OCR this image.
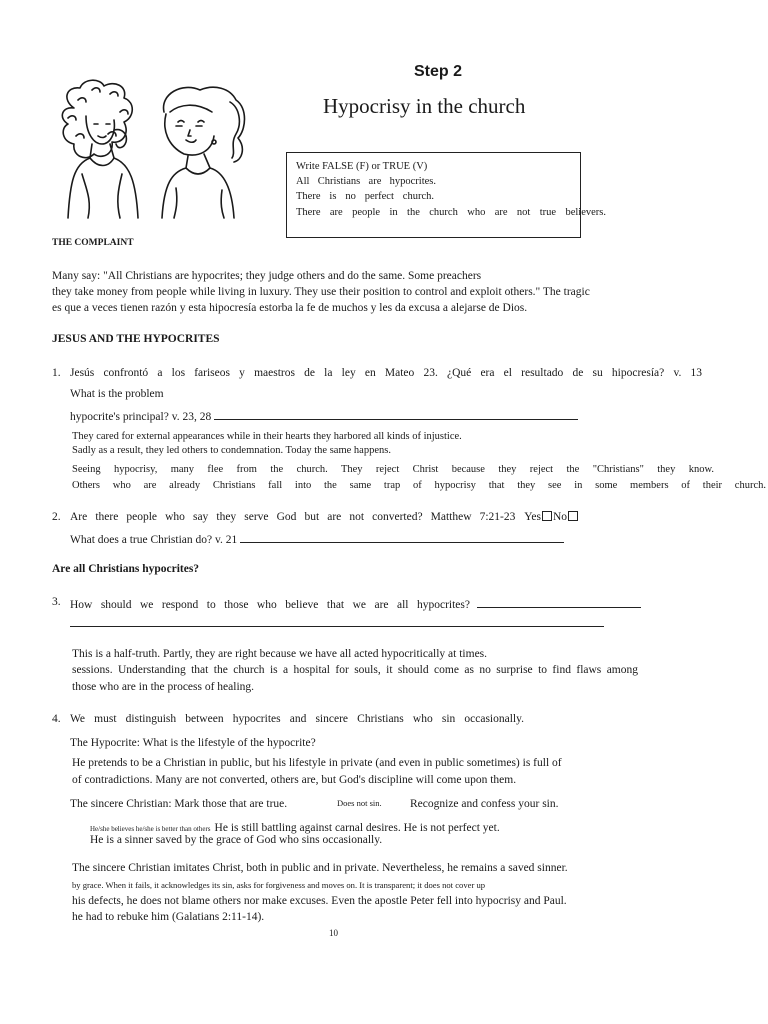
Step 2
Hypocrisy in the church
Write FALSE (F) or TRUE (V)
All Christians are hypocrites.
There is no perfect church.
There are people in the church who are not true believers.
THE COMPLAINT
Many say: "All Christians are hypocrites; they judge others and do the same. Some preachers
they take money from people while living in luxury. They use their position to control and exploit others." The tragic
es que a veces tienen razón y esta hipocresía estorba la fe de muchos y les da excusa a alejarse de Dios.
JESUS AND THE HYPOCRITES
1. Jesús confrontó a los fariseos y maestros de la ley en Mateo 23. ¿Qué era el resultado de su hipocresía? v. 13
What is the problem
hypocrite's principal? v. 23, 28
They cared for external appearances while in their hearts they harbored all kinds of injustice.
Sadly as a result, they led others to condemnation. Today the same happens.
Seeing hypocrisy, many flee from the church. They reject Christ because they reject the "Christians" they know.
Others who are already Christians fall into the same trap of hypocrisy that they see in some members of their church.
2. Are there people who say they serve God but are not converted? Matthew 7:21-23 Yes No
What does a true Christian do? v. 21
Are all Christians hypocrites?
3. How should we respond to those who believe that we are all hypocrites?
This is a half-truth. Partly, they are right because we have all acted hypocritically at times.
sessions. Understanding that the church is a hospital for souls, it should come as no surprise to find flaws among
those who are in the process of healing.
4. We must distinguish between hypocrites and sincere Christians who sin occasionally.
The Hypocrite: What is the lifestyle of the hypocrite?
He pretends to be a Christian in public, but his lifestyle in private (and even in public sometimes) is full of
of contradictions. Many are not converted, others are, but God's discipline will come upon them.
The sincere Christian: Mark those that are true.	Does not sin. Recognize and confess your sin.
He/she believes he/she is better than others He is still battling against carnal desires. He is not perfect yet.
He is a sinner saved by the grace of God who sins occasionally.
The sincere Christian imitates Christ, both in public and in private. Nevertheless, he remains a saved sinner.
by grace. When it fails, it acknowledges its sin, asks for forgiveness and moves on. It is transparent; it does not cover up
his defects, he does not blame others nor make excuses. Even the apostle Peter fell into hypocrisy and Paul.
he had to rebuke him (Galatians 2:11-14).
10
